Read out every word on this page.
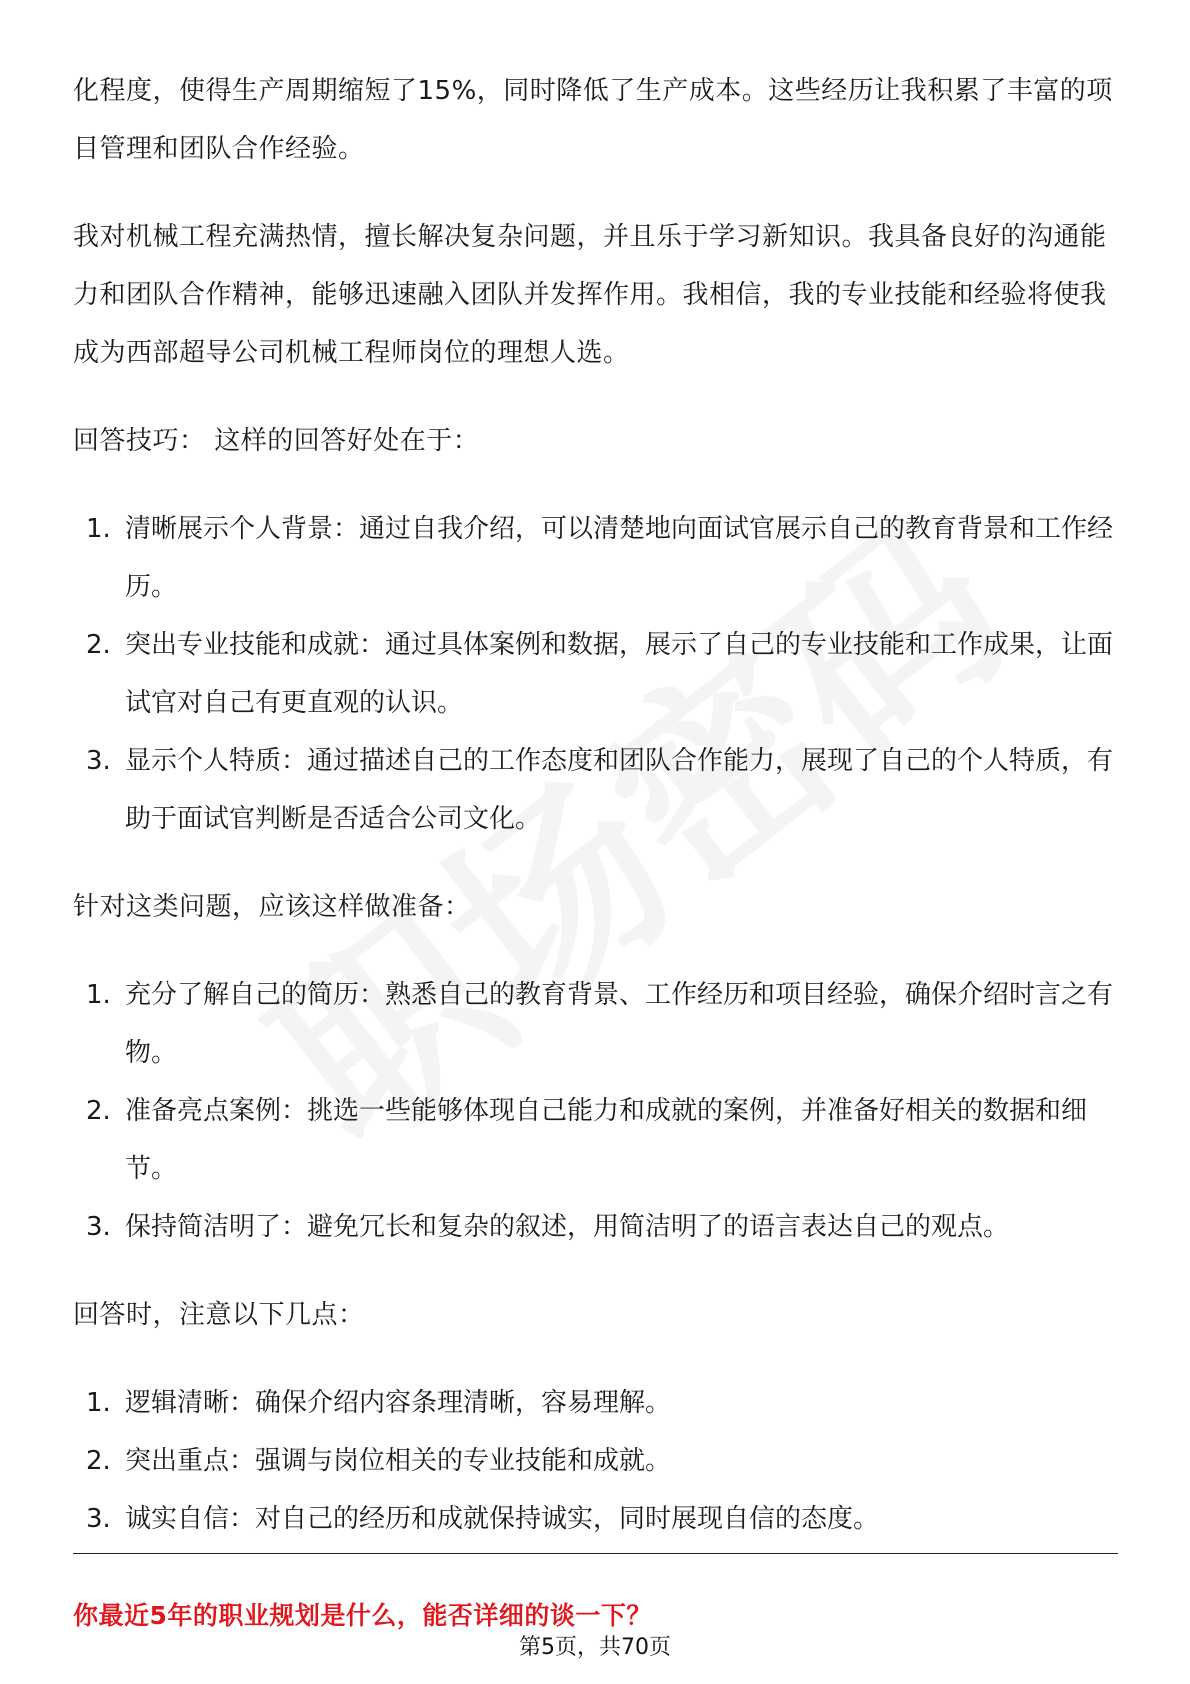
化程度，使得生产周期缩短了15%，同时降低了生产成本。这些经历让我积累了丰富的项目管理和团队合作经验。

我对机械工程充满热情，擅长解决复杂问题，并且乐于学习新知识。我具备良好的沟通能力和团队合作精神，能够迅速融入团队并发挥作用。我相信，我的专业技能和经验将使我成为西部超导公司机械工程师岗位的理想人选。

回答技巧： 这样的回答好处在于：

1. 清晰展示个人背景：通过自我介绍，可以清楚地向面试官展示自己的教育背景和工作经历。
2. 突出专业技能和成就：通过具体案例和数据，展示了自己的专业技能和工作成果，让面试官对自己有更直观的认识。
3. 显示个人特质：通过描述自己的工作态度和团队合作能力，展现了自己的个人特质，有助于面试官判断是否适合公司文化。

针对这类问题，应该这样做准备：

1. 充分了解自己的简历：熟悉自己的教育背景、工作经历和项目经验，确保介绍时言之有物。
2. 准备亮点案例：挑选一些能够体现自己能力和成就的案例，并准备好相关的数据和细节。
3. 保持简洁明了：避免冗长和复杂的叙述，用简洁明了的语言表达自己的观点。

回答时，注意以下几点：

1. 逻辑清晰：确保介绍内容条理清晰，容易理解。
2. 突出重点：强调与岗位相关的专业技能和成就。
3. 诚实自信：对自己的经历和成就保持诚实，同时展现自信的态度。
你最近5年的职业规划是什么，能否详细的谈一下？
第5页，共70页
